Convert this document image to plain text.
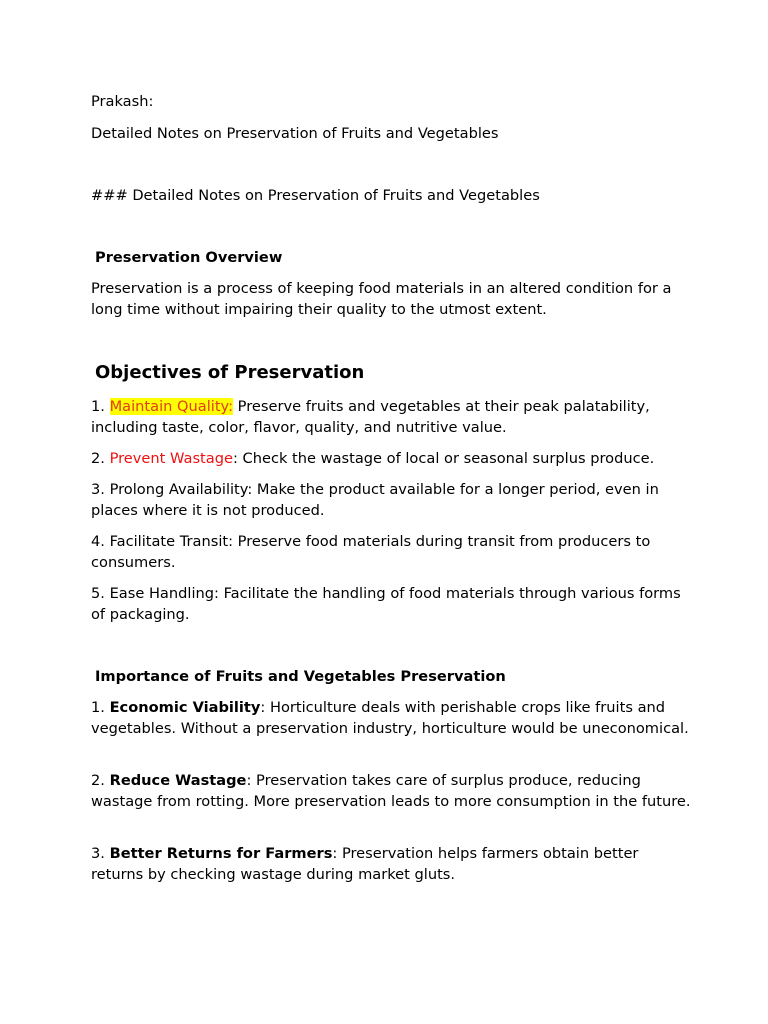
Prakash:

Detailed Notes on Preservation of Fruits and Vegetables

### Detailed Notes on Preservation of Fruits and Vegetables

Preservation Overview

Preservation is a process of keeping food materials in an altered condition for a long time without impairing their quality to the utmost extent.

Objectives of Preservation

1. Maintain Quality: Preserve fruits and vegetables at their peak palatability, including taste, color, flavor, quality, and nutritive value.

2. Prevent Wastage: Check the wastage of local or seasonal surplus produce.

3. Prolong Availability: Make the product available for a longer period, even in places where it is not produced.

4. Facilitate Transit: Preserve food materials during transit from producers to consumers.

5. Ease Handling: Facilitate the handling of food materials through various forms of packaging.

Importance of Fruits and Vegetables Preservation

1. Economic Viability: Horticulture deals with perishable crops like fruits and vegetables. Without a preservation industry, horticulture would be uneconomical.

2. Reduce Wastage: Preservation takes care of surplus produce, reducing wastage from rotting. More preservation leads to more consumption in the future.

3. Better Returns for Farmers: Preservation helps farmers obtain better returns by checking wastage during market gluts.
